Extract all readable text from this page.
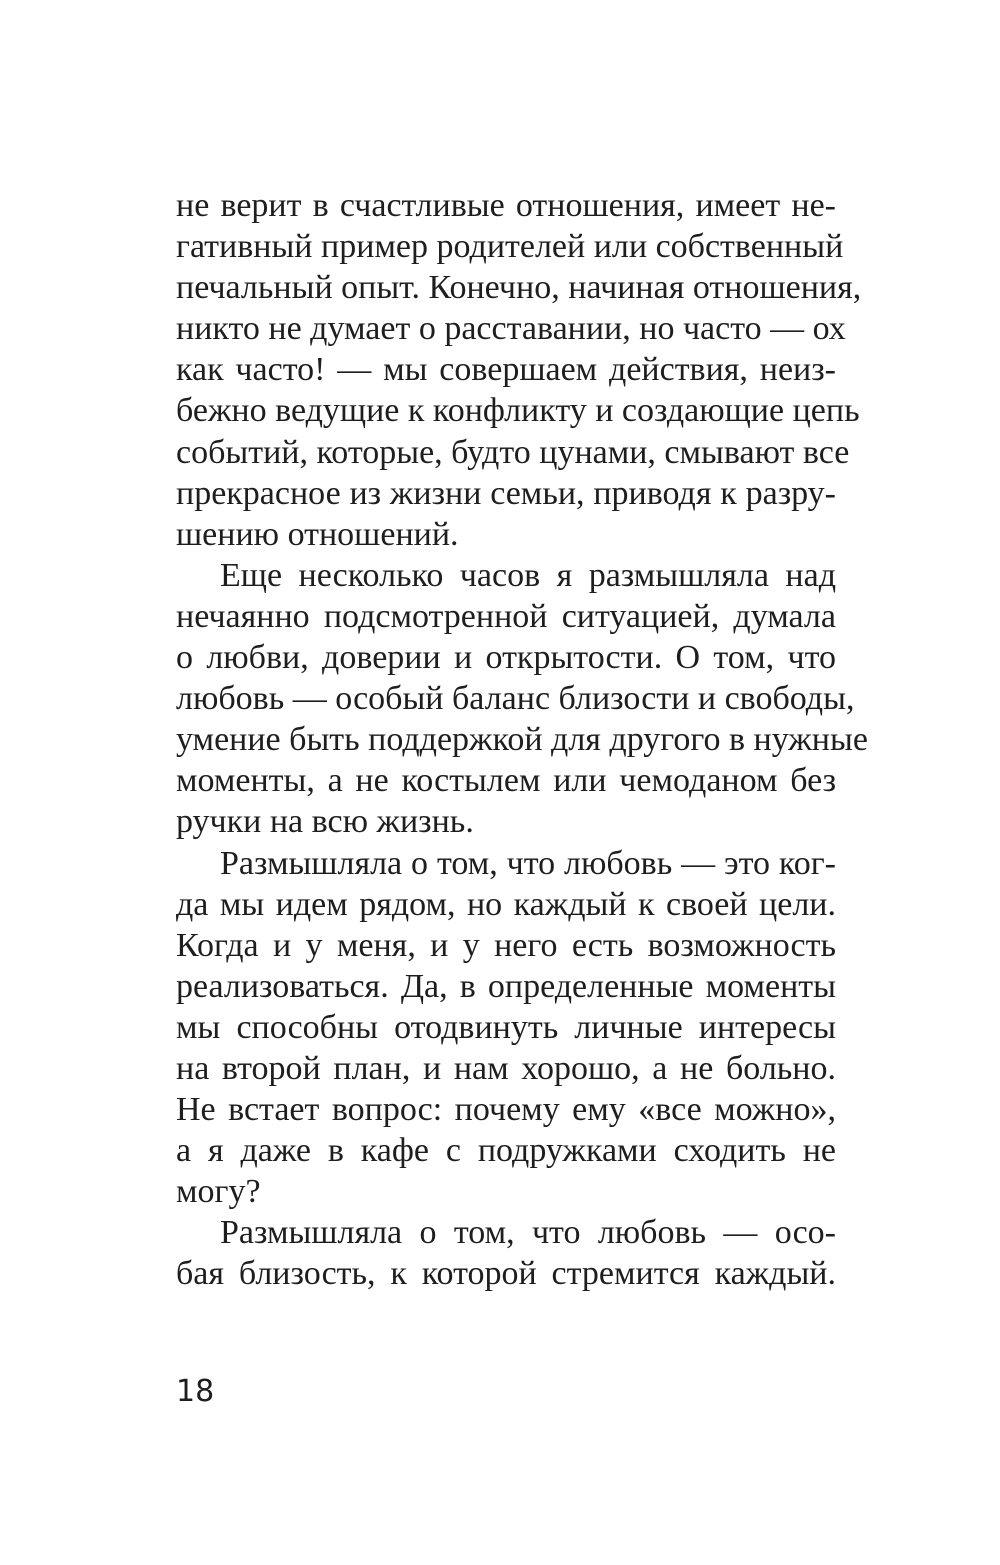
не верит в счастливые отношения, имеет не-
гативный пример родителей или собственный
печальный опыт. Конечно, начиная отношения,
никто не думает о расставании, но часто — ох
как часто! — мы совершаем действия, неиз-
бежно ведущие к конфликту и создающие цепь
событий, которые, будто цунами, смывают все
прекрасное из жизни семьи, приводя к разру-
шению отношений.
Еще несколько часов я размышляла над
нечаянно подсмотренной ситуацией, думала
о любви, доверии и открытости. О том, что
любовь — особый баланс близости и свободы,
умение быть поддержкой для другого в нужные
моменты, а не костылем или чемоданом без
ручки на всю жизнь.
Размышляла о том, что любовь — это ког-
да мы идем рядом, но каждый к своей цели.
Когда и у меня, и у него есть возможность
реализоваться. Да, в определенные моменты
мы способны отодвинуть личные интересы
на второй план, и нам хорошо, а не больно.
Не встает вопрос: почему ему «все можно»,
а я даже в кафе с подружками сходить не
могу?
Размышляла о том, что любовь — осо-
бая близость, к которой стремится каждый.
18
